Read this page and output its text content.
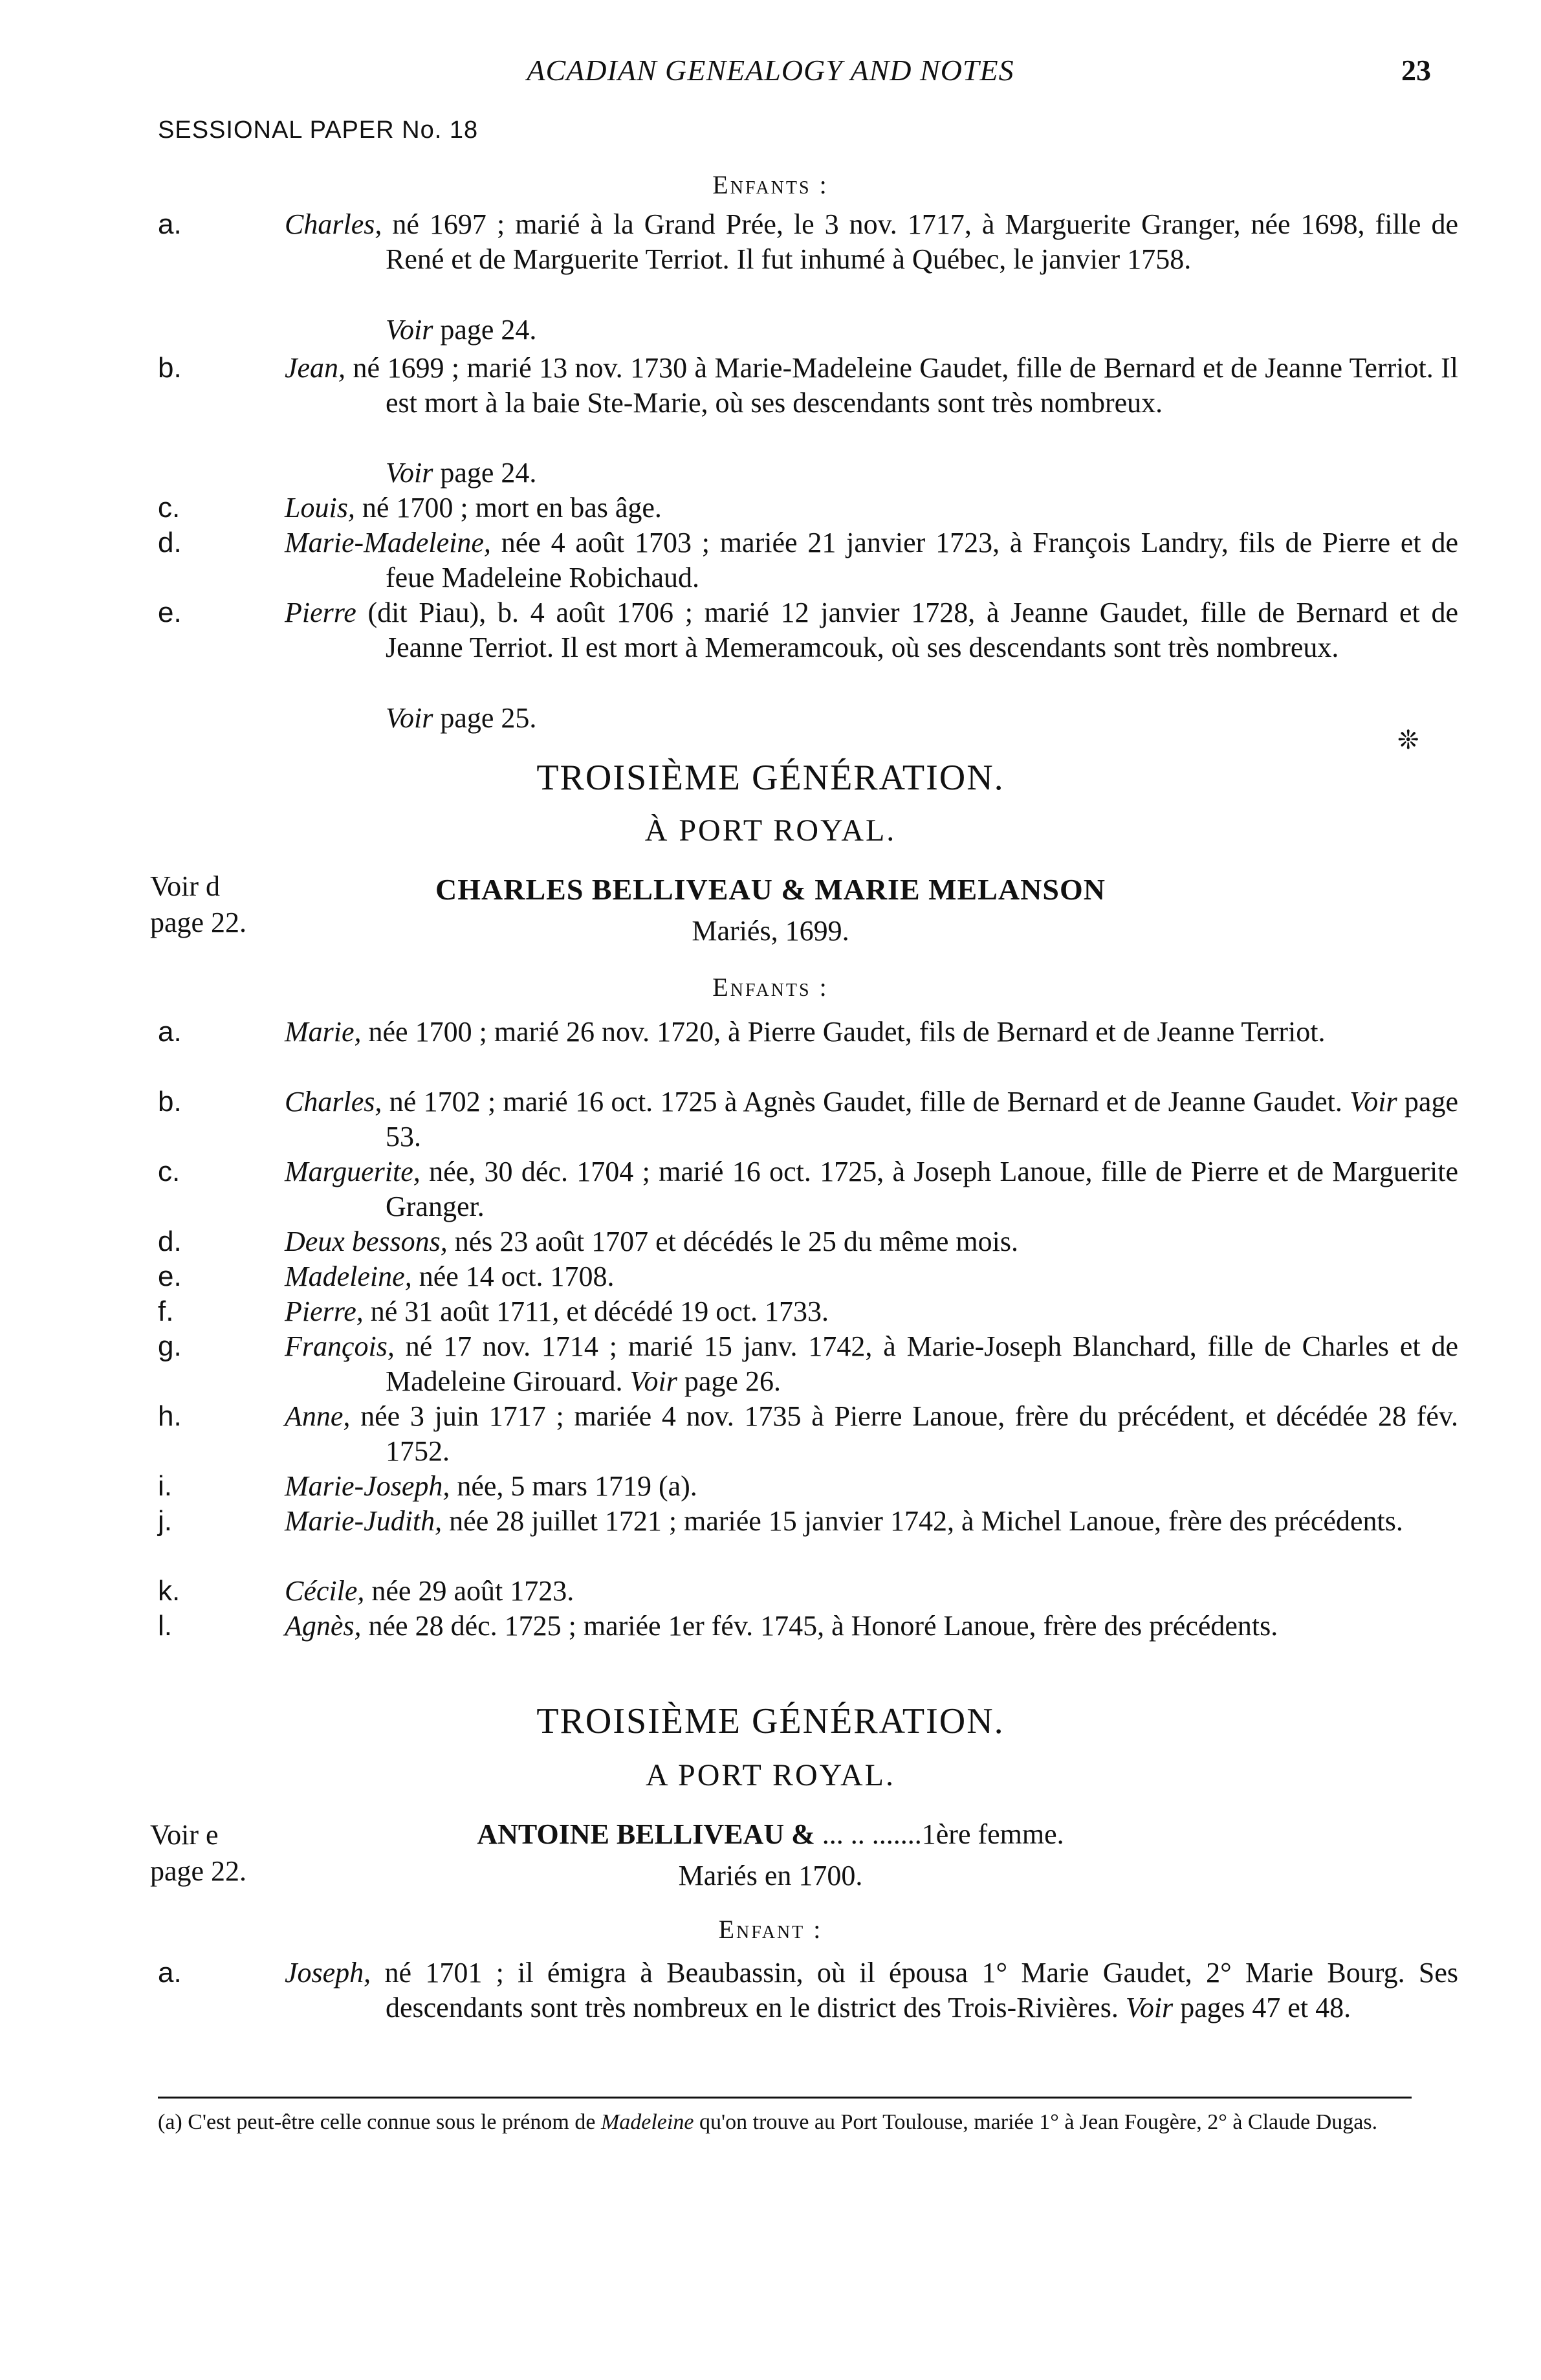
ACADIAN GENEALOGY AND NOTES	23
SESSIONAL PAPER No. 18
Enfants :
a.	Charles, né 1697 ; marié à la Grand Prée, le 3 nov. 1717, à Marguerite Granger, née 1698, fille de René et de Marguerite Terriot. Il fut inhumé à Québec, le janvier 1758.
Voir page 24.
b.	Jean, né 1699 ; marié 13 nov. 1730 à Marie-Madeleine Gaudet, fille de Bernard et de Jeanne Terriot. Il est mort à la baie Ste-Marie, où ses descendants sont très nombreux.
Voir page 24.
c.	Louis, né 1700 ; mort en bas âge.
d.	Marie-Madeleine, née 4 août 1703 ; mariée 21 janvier 1723, à François Landry, fils de Pierre et de feue Madeleine Robichaud.
e.	Pierre (dit Piau), b. 4 août 1706 ; marié 12 janvier 1728, à Jeanne Gaudet, fille de Bernard et de Jeanne Terriot. Il est mort à Memeramcouk, où ses descendants sont très nombreux.
Voir page 25.
❊
TROISIÈME GÉNÉRATION.
À PORT ROYAL.
Voir d
page 22.
CHARLES BELLIVEAU & MARIE MELANSON
Mariés, 1699.
Enfants :
a.	Marie, née 1700 ; marié 26 nov. 1720, à Pierre Gaudet, fils de Bernard et de Jeanne Terriot.
b.	Charles, né 1702 ; marié 16 oct. 1725 à Agnès Gaudet, fille de Bernard et de Jeanne Gaudet. Voir page 53.
c.	Marguerite, née, 30 déc. 1704 ; marié 16 oct. 1725, à Joseph Lanoue, fille de Pierre et de Marguerite Granger.
d.	Deux bessons, nés 23 août 1707 et décédés le 25 du même mois.
e.	Madeleine, née 14 oct. 1708.
f.	Pierre, né 31 août 1711, et décédé 19 oct. 1733.
g.	François, né 17 nov. 1714 ; marié 15 janv. 1742, à Marie-Joseph Blanchard, fille de Charles et de Madeleine Girouard. Voir page 26.
h.	Anne, née 3 juin 1717 ; mariée 4 nov. 1735 à Pierre Lanoue, frère du précédent, et décédée 28 fév. 1752.
i.	Marie-Joseph, née, 5 mars 1719 (a).
j.	Marie-Judith, née 28 juillet 1721 ; mariée 15 janvier 1742, à Michel Lanoue, frère des précédents.
k.	Cécile, née 29 août 1723.
l.	Agnès, née 28 déc. 1725 ; mariée 1er fév. 1745, à Honoré Lanoue, frère des précédents.
TROISIÈME GÉNÉRATION.
A PORT ROYAL.
Voir e
page 22.
ANTOINE BELLIVEAU & ... .. .......1ère femme.
Mariés en 1700.
Enfant :
a.	Joseph, né 1701 ; il émigra à Beaubassin, où il épousa 1° Marie Gaudet, 2° Marie Bourg. Ses descendants sont très nombreux en le district des Trois-Rivières. Voir pages 47 et 48.
(a) C'est peut-être celle connue sous le prénom de Madeleine qu'on trouve au Port Toulouse, mariée 1° à Jean Fougère, 2° à Claude Dugas.
